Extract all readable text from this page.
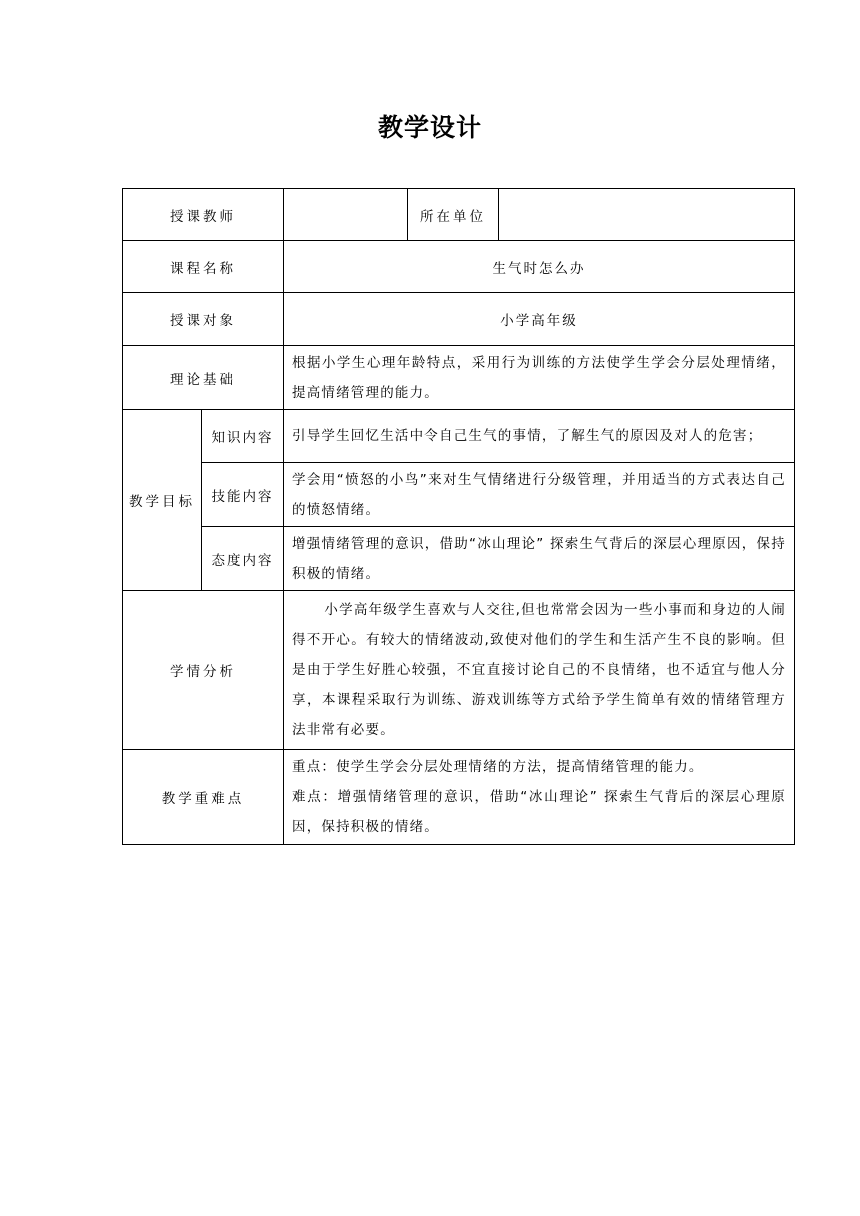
教学设计
授课教师			所在单位	
课程名称		生气时怎么办		
授课对象		小学高年级		
理论基础		根据小学生心理年龄特点，采用行为训练的方法使学生学会分层处理情绪，提高情绪管理的能力。		
教学目标	知识内容	引导学生回忆生活中令自己生气的事情，了解生气的原因及对人的危害；		
	技能内容	学会用“愤怒的小鸟”来对生气情绪进行分级管理，并用适当的方式表达自己的愤怒情绪。		
	态度内容	增强情绪管理的意识，借助“冰山理论” 探索生气背后的深层心理原因，保持积极的情绪。		
学情分析		小学高年级学生喜欢与人交往,但也常常会因为一些小事而和身边的人闹得不开心。有较大的情绪波动,致使对他们的学生和生活产生不良的影响。但是由于学生好胜心较强，不宜直接讨论自己的不良情绪，也不适宜与他人分享，本课程采取行为训练、游戏训练等方式给予学生简单有效的情绪管理方法非常有必要。		
教学重难点		重点：使学生学会分层处理情绪的方法，提高情绪管理的能力。

难点：增强情绪管理的意识，借助“冰山理论” 探索生气背后的深层心理原因，保持积极的情绪。		
